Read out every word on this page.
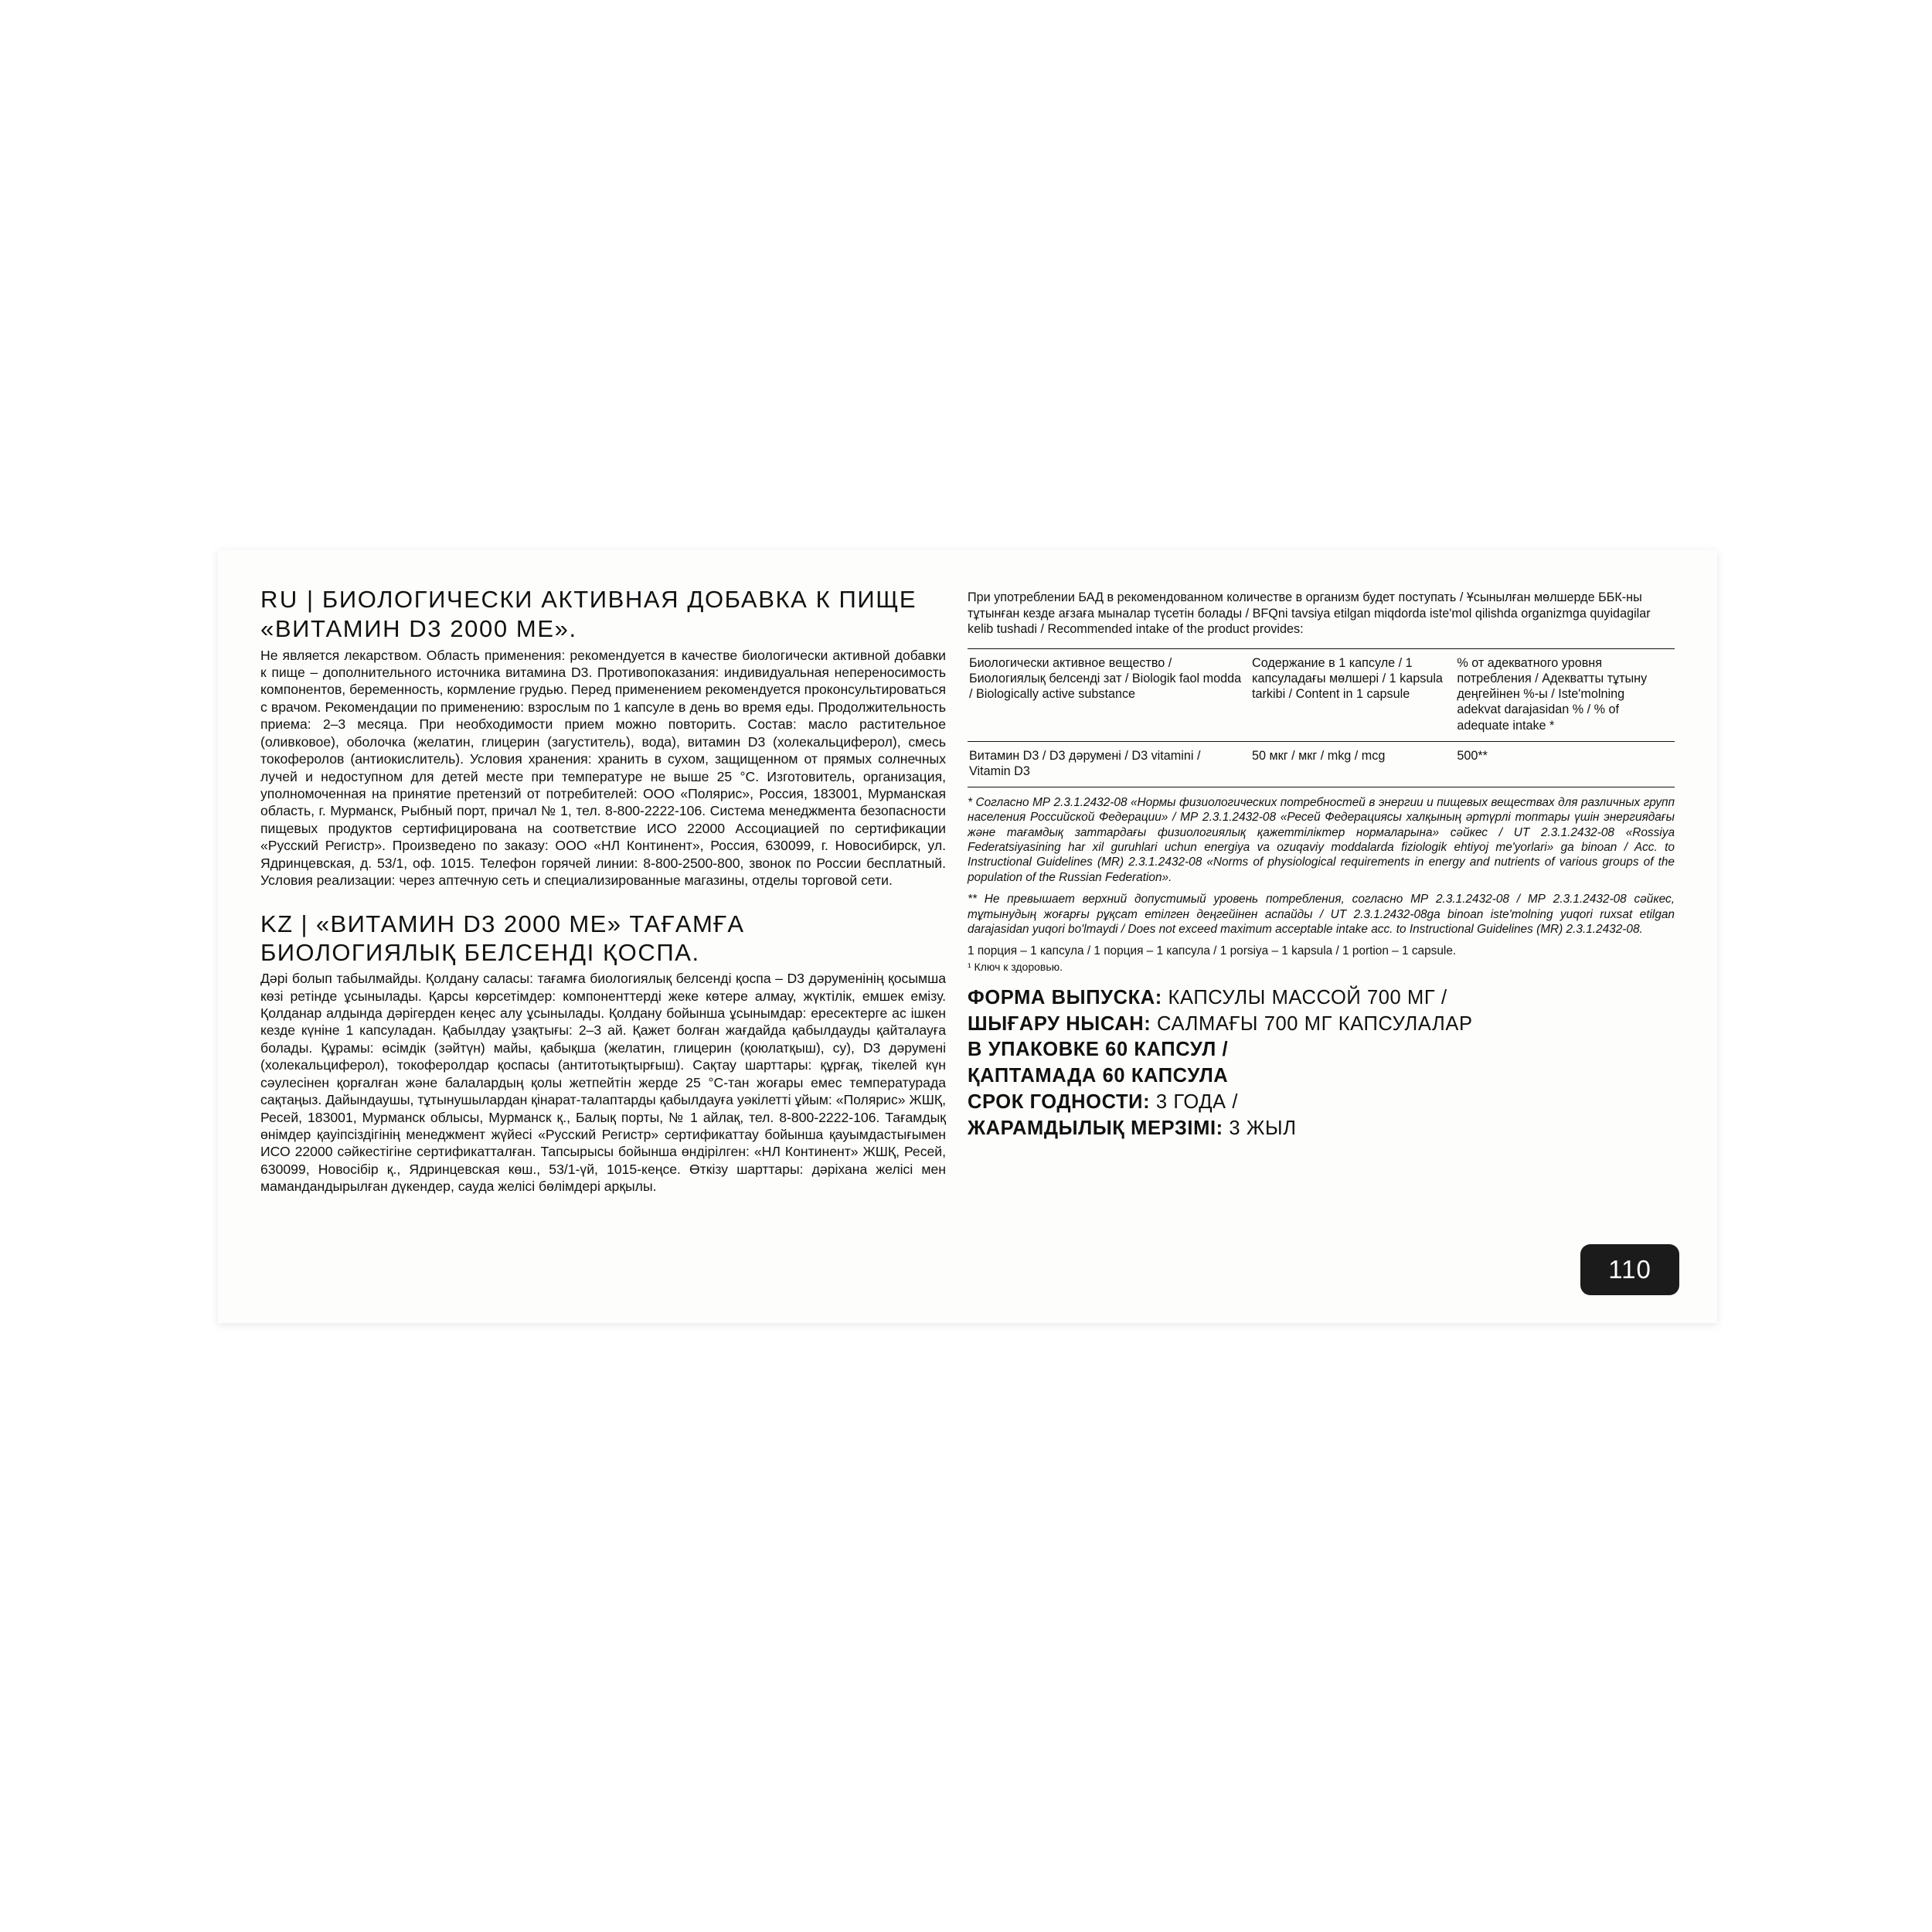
RU | БИОЛОГИЧЕСКИ АКТИВНАЯ ДОБАВКА К ПИЩЕ «ВИТАМИН D3 2000 МЕ».
Не является лекарством. Область применения: рекомендуется в качестве биологически активной добавки к пище – дополнительного источника витамина D3. Противопоказания: индивидуальная непереносимость компонентов, беременность, кормление грудью. Перед применением рекомендуется проконсультироваться с врачом. Рекомендации по применению: взрослым по 1 капсуле в день во время еды. Продолжительность приема: 2–3 месяца. При необходимости прием можно повторить. Состав: масло растительное (оливковое), оболочка (желатин, глицерин (загуститель), вода), витамин D3 (холекальциферол), смесь токоферолов (антиокислитель). Условия хранения: хранить в сухом, защищенном от прямых солнечных лучей и недоступном для детей месте при температуре не выше 25 °С. Изготовитель, организация, уполномоченная на принятие претензий от потребителей: ООО «Полярис», Россия, 183001, Мурманская область, г. Мурманск, Рыбный порт, причал № 1, тел. 8-800-2222-106. Система менеджмента безопасности пищевых продуктов сертифицирована на соответствие ИСО 22000 Ассоциацией по сертификации «Русский Регистр». Произведено по заказу: ООО «НЛ Континент», Россия, 630099, г. Новосибирск, ул. Ядринцевская, д. 53/1, оф. 1015. Телефон горячей линии: 8-800-2500-800, звонок по России бесплатный. Условия реализации: через аптечную сеть и специализированные магазины, отделы торговой сети.
KZ | «ВИТАМИН D3 2000 МЕ» ТАҒАМҒА БИОЛОГИЯЛЫҚ БЕЛСЕНДІ ҚОСПА.
Дәрі болып табылмайды. Қолдану саласы: тағамға биологиялық белсенді қоспа – D3 дәруменінің қосымша көзі ретінде ұсынылады. Қарсы көрсетімдер: компоненттерді жеке көтере алмау, жүктілік, емшек емізу. Қолданар алдында дәрігерден кеңес алу ұсынылады. Қолдану бойынша ұсынымдар: ересектерге ас ішкен кезде күніне 1 капсуладан. Қабылдау ұзақтығы: 2–3 ай. Қажет болған жағдайда қабылдауды қайталауға болады. Құрамы: өсімдік (зәйтүн) майы, қабықша (желатин, глицерин (қоюлатқыш), су), D3 дәрумені (холекальциферол), токоферолдар қоспасы (антитотықтырғыш). Сақтау шарттары: құрғақ, тікелей күн сәулесінен қорғалған және балалардың қолы жетпейтін жерде 25 °С-тан жоғары емес температурада сақтаңыз. Дайындаушы, тұтынушылардан қінарат-талаптарды қабылдауға уәкілетті ұйым: «Полярис» ЖШҚ, Ресей, 183001, Мурманск облысы, Мурманск қ., Балық порты, № 1 айлақ, тел. 8-800-2222-106. Тағамдық өнімдер қауіпсіздігінің менеджмент жүйесі «Русский Регистр» сертификаттау бойынша қауымдастығымен ИСО 22000 сәйкестігіне сертификатталған. Тапсырысы бойынша өндірілген: «НЛ Континент» ЖШҚ, Ресей, 630099, Новосібір қ., Ядринцевская көш., 53/1-үй, 1015-кеңсе. Өткізу шарттары: дәріхана желісі мен мамандандырылған дүкендер, сауда желісі бөлімдері арқылы.
При употреблении БАД в рекомендованном количестве в организм будет поступать / Ұсынылған мөлшерде ББК-ны тұтынған кезде ағзаға мыналар түсетін болады / BFQni tavsiya etilgan miqdorda iste'mol qilishda organizmga quyidagilar kelib tushadi / Recommended intake of the product provides:
Биологически активное вещество / Биологиялық белсенді зат / Biologik faol modda / Biologically active substance	Содержание в 1 капсуле / 1 капсуладағы мөлшері / 1 kapsula tarkibi / Content in 1 capsule	% от адекватного уровня потребления / Адекватты тұтыну деңгейінен %-ы / Iste'molning adekvat darajasidan % / % of adequate intake *
Витамин D3 / D3 дәрумені / D3 vitamini / Vitamin D3	50 мкг / мкг / mkg / mcg	500**

* Согласно МР 2.3.1.2432-08 «Нормы физиологических потребностей в энергии и пищевых веществах для различных групп населения Российской Федерации» / МР 2.3.1.2432-08 «Ресей Федерациясы халқының әртүрлі топтары үшін энергиядағы және тағамдық заттардағы физиологиялық қажеттіліктер нормаларына» сәйкес / UT 2.3.1.2432-08 «Rossiya Federatsiyasining har xil guruhlari uchun energiya va ozuqaviy moddalarda fiziologik ehtiyoj me'yorlari» ga binoan / Acc. to Instructional Guidelines (MR) 2.3.1.2432-08 «Norms of physiological requirements in energy and nutrients of various groups of the population of the Russian Federation».

** Не превышает верхний допустимый уровень потребления, согласно МР 2.3.1.2432-08 / МР 2.3.1.2432-08 сәйкес, тұтынудың жоғарғы рұқсат етілген деңгейінен аспайды / UT 2.3.1.2432-08ga binoan iste'molning yuqori ruxsat etilgan darajasidan yuqori bo'lmaydi / Does not exceed maximum acceptable intake acc. to Instructional Guidelines (MR) 2.3.1.2432-08.

1 порция – 1 капсула / 1 порция – 1 капсула / 1 porsiya – 1 kapsula / 1 portion – 1 capsule.
¹ Ключ к здоровью.
ФОРМА ВЫПУСКА: КАПСУЛЫ МАССОЙ 700 МГ /
ШЫҒАРУ НЫСАН: САЛМАҒЫ 700 МГ КАПСУЛАЛАР
В УПАКОВКЕ 60 КАПСУЛ /
ҚАПТАМАДА 60 КАПСУЛА
СРОК ГОДНОСТИ: 3 ГОДА /
ЖАРАМДЫЛЫҚ МЕРЗІМІ: 3 ЖЫЛ
110
